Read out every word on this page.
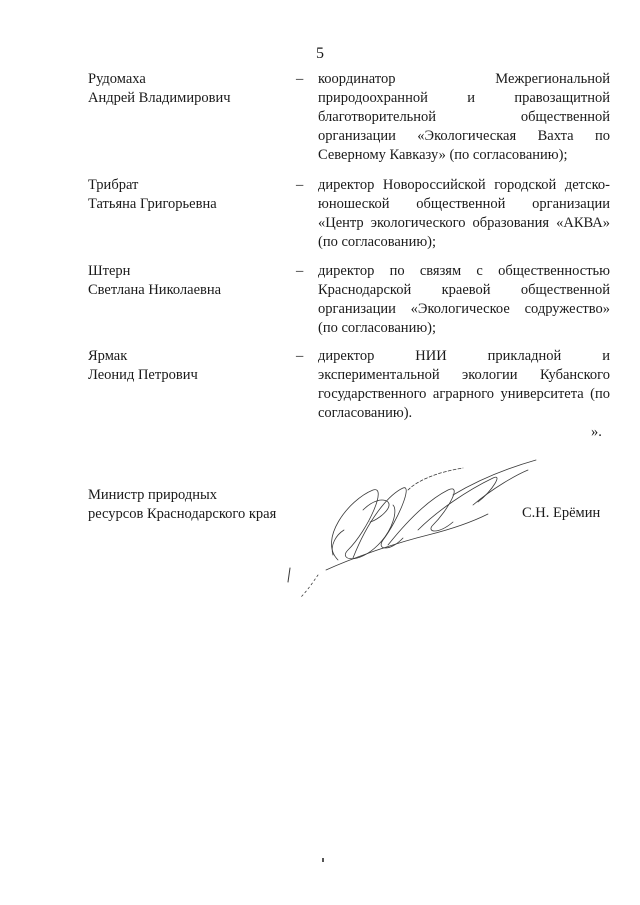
5
Рудомаха
Андрей Владимирович
– координатор Межрегиональной природоохранной и правозащитной благотворительной общественной организации «Экологическая Вахта по Северному Кавказу» (по согласованию);
Трибрат
Татьяна Григорьевна
– директор Новороссийской городской детско-юношеской общественной организации «Центр экологического образования «АКВА» (по согласованию);
Штерн
Светлана Николаевна
– директор по связям с общественностью Краснодарской краевой общественной организации «Экологическое содружество» (по согласованию);
Ярмак
Леонид Петрович
– директор НИИ прикладной и экспериментальной экологии Кубанского государственного аграрного университета (по согласованию).
».
Министр природных
ресурсов Краснодарского края	С.Н. Ерёмин
